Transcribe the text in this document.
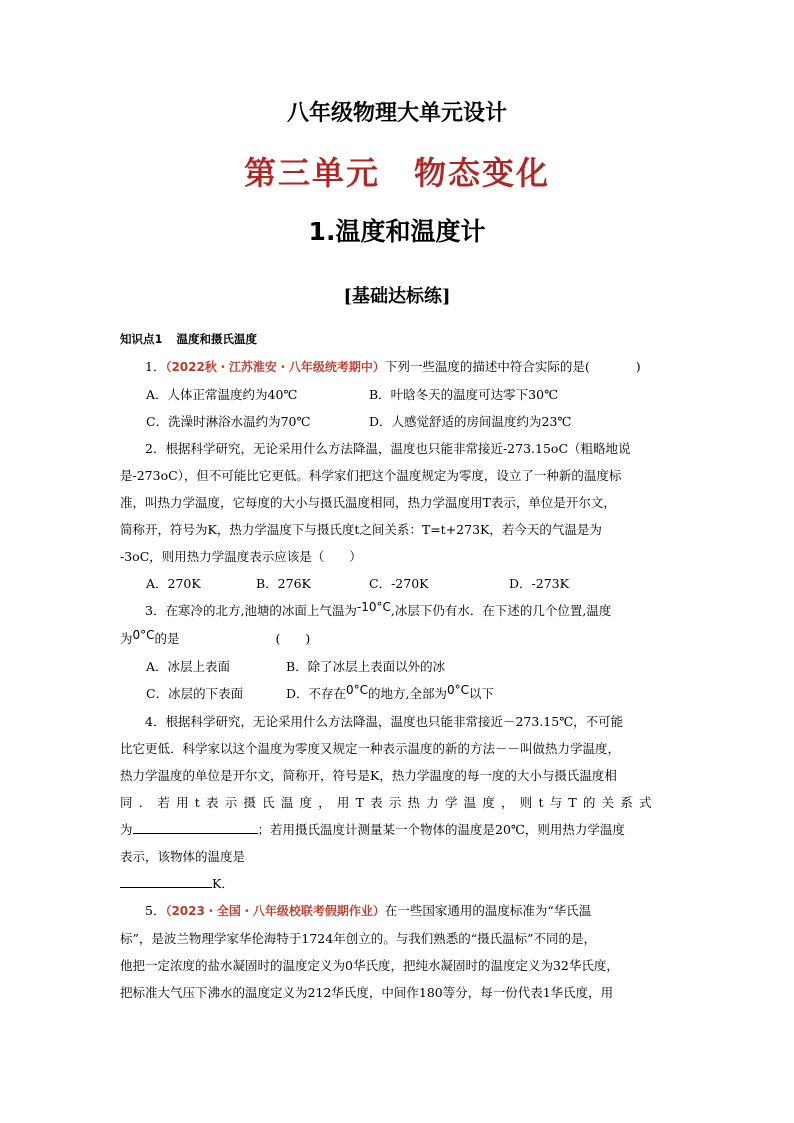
八年级物理大单元设计
第三单元 物态变化
1.温度和温度计
[基础达标练]

知识点1 温度和摄氏温度

1．（2022秋・江苏淮安・八年级统考期中）下列一些温度的描述中符合实际的是(	)

A．人体正常温度约为40℃	B．叶晗冬天的温度可达零下30℃

C．洗澡时淋浴水温约为70℃	D．人感觉舒适的房间温度约为23℃

2．根据科学研究，无论采用什么方法降温，温度也只能非常接近-273.15oC（粗略地说

是-273oC），但不可能比它更低。科学家们把这个温度规定为零度，设立了一种新的温度标

准，叫热力学温度，它每度的大小与摄氏温度相同，热力学温度用T表示，单位是开尔文，

简称开，符号为K，热力学温度下与摄氏度t之间关系：T=t+273K，若今天的气温是为

-3oC，则用热力学温度表示应该是（　　）

A．270K	B．276K	C．-270K	D．-273K

3．在寒冷的北方,池塘的冰面上气温为-10°C,冰层下仍有水．在下述的几个位置,温度

为0°C的是	(　　)

A．冰层上表面	B．除了冰层上表面以外的冰

C．冰层的下表面	D．不存在0°C的地方,全部为0°C以下

4．根据科学研究，无论采用什么方法降温，温度也只能非常接近－273.15℃，不可能

比它更低．科学家以这个温度为零度又规定一种表示温度的新的方法－－叫做热力学温度，

热力学温度的单位是开尔文，简称开，符号是K，热力学温度的每一度的大小与摄氏温度相

同．若用t表示摄氏温度，用T表示热力学温度，则t与T的关系式

为	；若用摄氏温度计测量某一个物体的温度是20℃，则用热力学温度

表示，该物体的温度是

K．

5．（2023・全国・八年级校联考假期作业）在一些国家通用的温度标准为“华氏温

标”，是波兰物理学家华伦海特于1724年创立的。与我们熟悉的“摄氏温标”不同的是，

他把一定浓度的盐水凝固时的温度定义为0华氏度，把纯水凝固时的温度定义为32华氏度，

把标准大气压下沸水的温度定义为212华氏度，中间作180等分，每一份代表1华氏度，用
